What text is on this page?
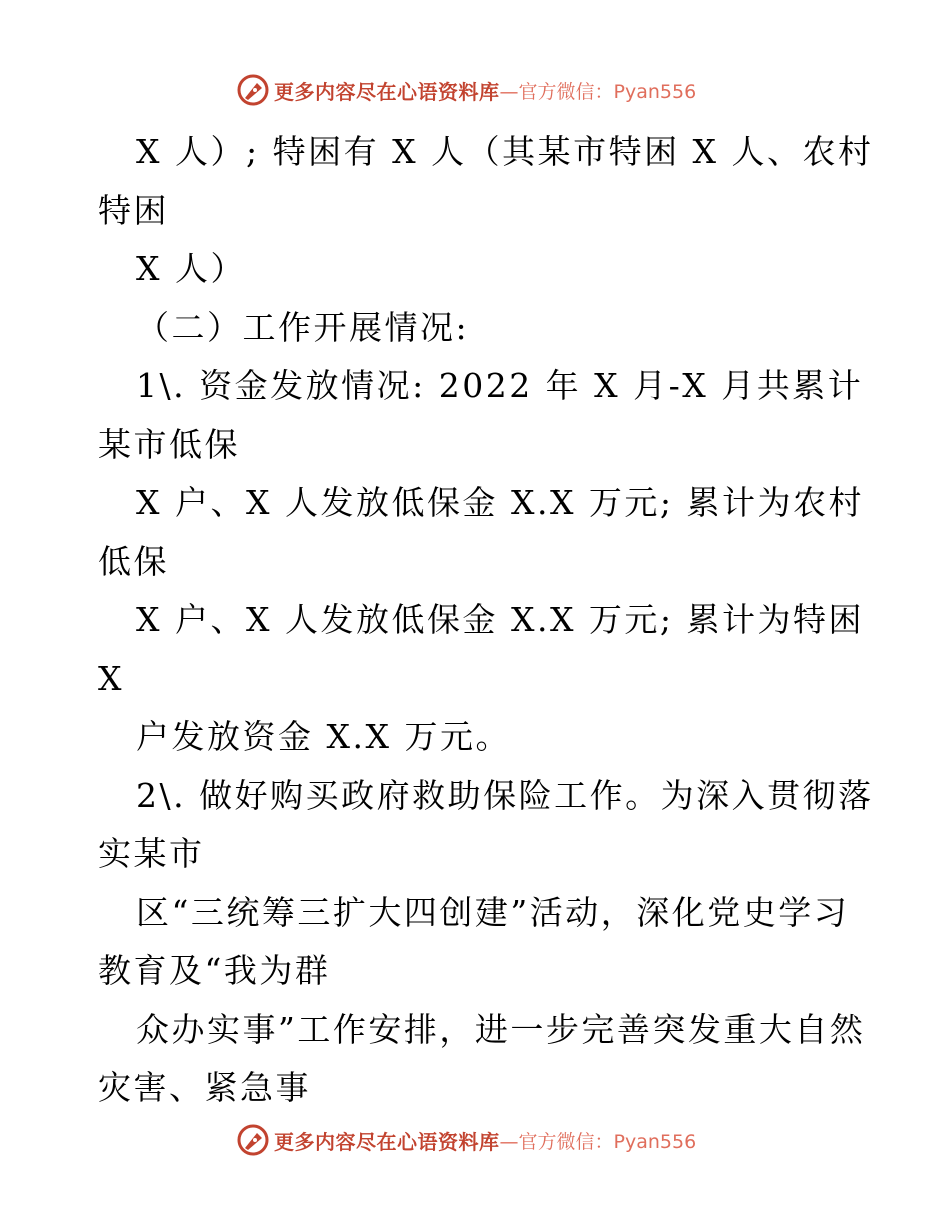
更多内容尽在心语资料库 —官方微信：Pyan556

X 人）; 特困有 X 人（其某市特困 X 人、农村

特困

X 人）

（二）工作开展情况:

1\. 资金发放情况: 2022 年 X 月-X 月共累计

某市低保

X 户、X 人发放低保金 X.X 万元; 累计为农村

低保

X 户、X 人发放低保金 X.X 万元; 累计为特困

X

户发放资金 X.X 万元。

2\. 做好购买政府救助保险工作。为深入贯彻落

实某市

区“三统筹三扩大四创建”活动，深化党史学习

教育及“我为群

众办实事”工作安排，进一步完善突发重大自然

灾害、紧急事

更多内容尽在心语资料库 —官方微信：Pyan556
